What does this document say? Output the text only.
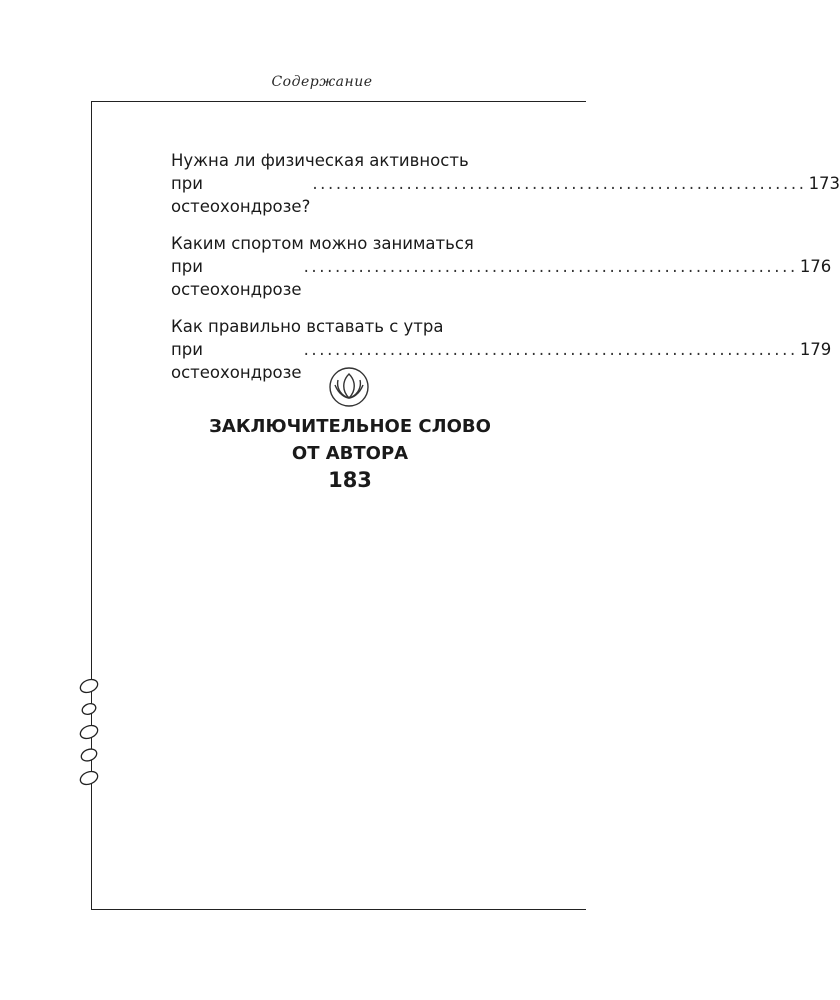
Содержание
Нужна ли физическая активность
при остеохондрозе?
............................................................... 173
Каким спортом можно заниматься
при остеохондрозе
............................................................... 176
Как правильно вставать с утра
при остеохондрозе
............................................................... 179
ЗАКЛЮЧИТЕЛЬНОЕ СЛОВО
ОТ АВТОРА
183
